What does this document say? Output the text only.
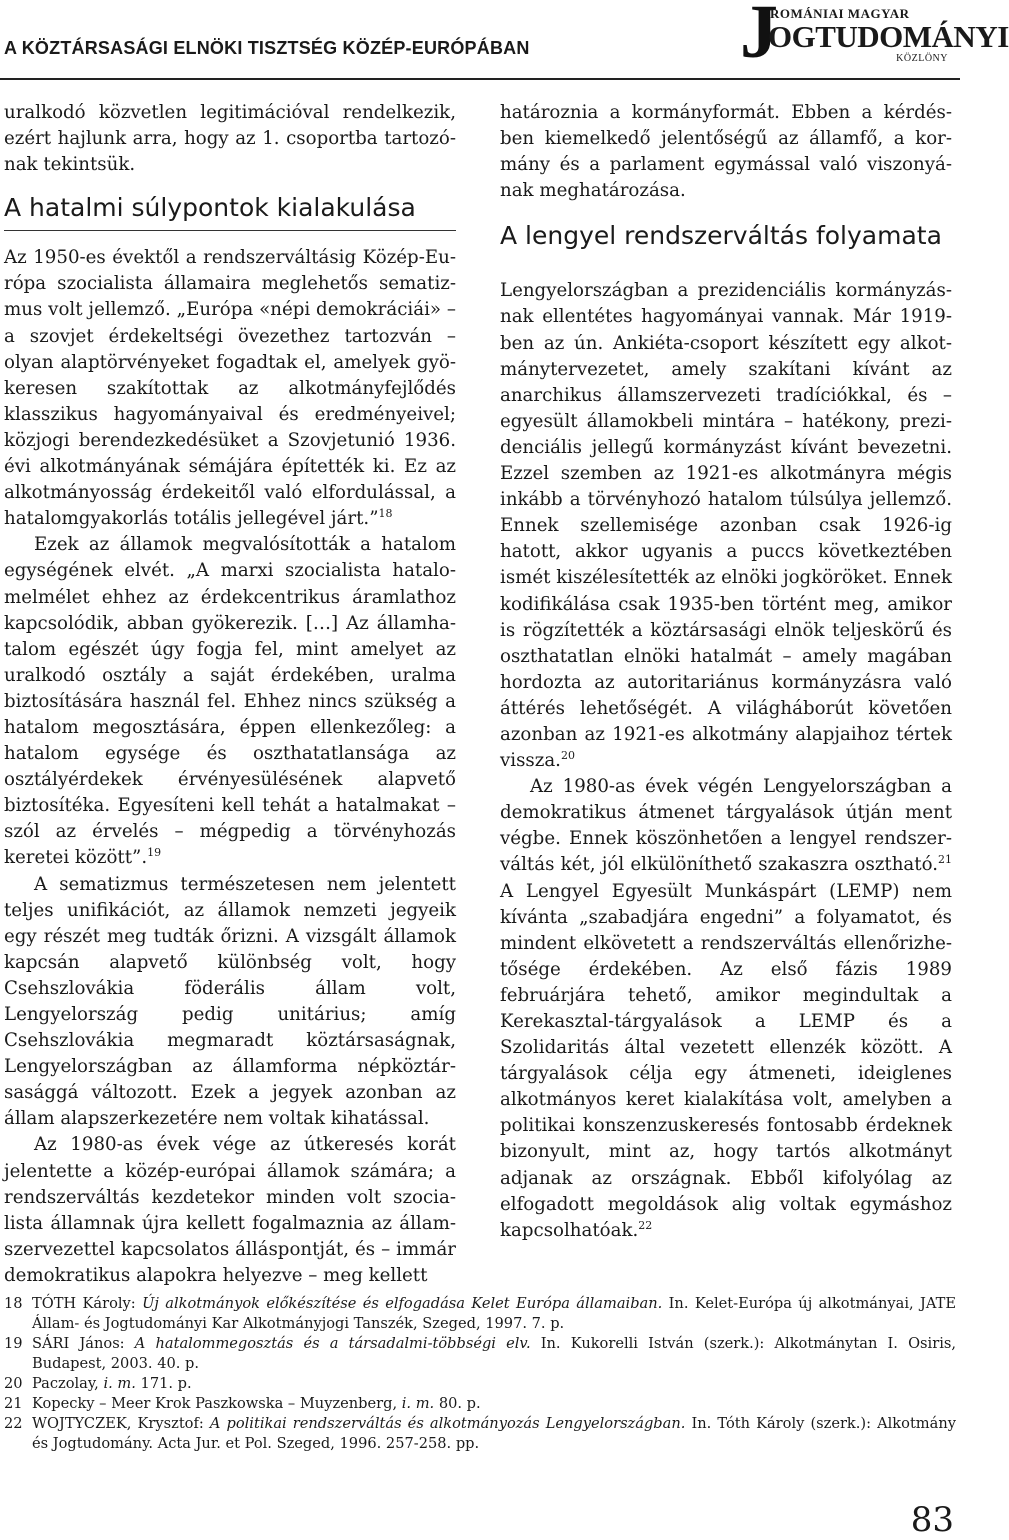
A KÖZTÁRSASÁGI ELNÖKI TISZTSÉG KÖZÉP-EURÓPÁBAN	J
ROMÁNIAI MAGYAR
OGTUDOMÁNYI
KÖZLÖNY

uralkodó közvetlen legitimációval rendelkezik, ezért hajlunk arra, hogy az 1. csoportba tartozónak tekintsük.

A hatalmi súlypontok kialakulása

Az 1950-es évektől a rendszerváltásig Közép-Európa szocialista államaira meglehetős sematizmus volt jellemző. „Európa «népi demokráciái» – a szovjet érdekeltségi övezethez tartozván – olyan alaptörvényeket fogadtak el, amelyek gyökeresen szakítottak az alkotmányfejlődés klasszikus hagyományaival és eredményeivel; közjogi berendezkedésüket a Szovjetunió 1936. évi alkotmányának sémájára építették ki. Ez az alkotmányosság érdekeitől való elfordulással, a hatalomgyakorlás totális jellegével járt.”$^{18}$

Ezek az államok megvalósították a hatalom egységének elvét. „A marxi szocialista hatalomelmélet ehhez az érdekcentrikus áramlathoz kapcsolódik, abban gyökerezik. […] Az államhatalom egészét úgy fogja fel, mint amelyet az uralkodó osztály a saját érdekében, uralma biztosítására használ fel. Ehhez nincs szükség a hatalom megosztására, éppen ellenkezőleg: a hatalom egysége és oszthatatlansága az osztályérdekek érvényesülésének alapvető biztosítéka. Egyesíteni kell tehát a hatalmakat – szól az érvelés – mégpedig a törvényhozás keretei között”.$^{19}$

A sematizmus természetesen nem jelentett teljes unifikációt, az államok nemzeti jegyeik egy részét meg tudták őrizni. A vizsgált államok kapcsán alapvető különbség volt, hogy Csehszlovákia föderális állam volt, Lengyelország pedig unitárius; amíg Csehszlovákia megmaradt köztársaságnak, Lengyelországban az államforma népköztársasággá változott. Ezek a jegyek azonban az állam alapszerkezetére nem voltak kihatással.

Az 1980-as évek vége az útkeresés korát jelentette a közép-európai államok számára; a rendszerváltás kezdetekor minden volt szocialista államnak újra kellett fogalmaznia az államszervezettel kapcsolatos álláspontját, és – immár demokratikus alapokra helyezve – meg kellett

határoznia a kormányformát. Ebben a kérdésben kiemelkedő jelentőségű az államfő, a kormány és a parlament egymással való viszonyának meghatározása.

A lengyel rendszerváltás folyamata

Lengyelországban a prezidenciális kormányzásnak ellentétes hagyományai vannak. Már 1919-ben az ún. Ankiéta-csoport készített egy alkotmánytervezetet, amely szakítani kívánt az anarchikus államszervezeti tradíciókkal, és – egyesült államokbeli mintára – hatékony, prezidenciális jellegű kormányzást kívánt bevezetni. Ezzel szemben az 1921-es alkotmányra mégis inkább a törvényhozó hatalom túlsúlya jellemző. Ennek szellemisége azonban csak 1926-ig hatott, akkor ugyanis a puccs következtében ismét kiszélesítették az elnöki jogköröket. Ennek kodifikálása csak 1935-ben történt meg, amikor is rögzítették a köztársasági elnök teljeskörű és oszthatatlan elnöki hatalmát – amely magában hordozta az autoritariánus kormányzásra való áttérés lehetőségét. A világháborút követően azonban az 1921-es alkotmány alapjaihoz tértek vissza.$^{20}$

Az 1980-as évek végén Lengyelországban a demokratikus átmenet tárgyalások útján ment végbe. Ennek köszönhetően a lengyel rendszerváltás két, jól elkülöníthető szakaszra osztható.$^{21}$ A Lengyel Egyesült Munkáspárt (LEMP) nem kívánta „szabadjára engedni” a folyamatot, és mindent elkövetett a rendszerváltás ellenőrizhetősége érdekében. Az első fázis 1989 februárjára tehető, amikor megindultak a Kerekasztal-tárgyalások a LEMP és a Szolidaritás által vezetett ellenzék között. A tárgyalások célja egy átmeneti, ideiglenes alkotmányos keret kialakítása volt, amelyben a politikai konszenzuskeresés fontosabb érdeknek bizonyult, mint az, hogy tartós alkotmányt adjanak az országnak. Ebből kifolyólag az elfogadott megoldások alig voltak egymáshoz kapcsolhatóak.$^{22}$

18 TÓTH Károly: Új alkotmányok előkészítése és elfogadása Kelet Európa államaiban. In. Kelet-Európa új alkotmányai, JATE Állam- és Jogtudományi Kar Alkotmányjogi Tanszék, Szeged, 1997. 7. p.
19 SÁRI János: A hatalommegosztás és a társadalmi-többségi elv. In. Kukorelli István (szerk.): Alkotmánytan I. Osiris, Budapest, 2003. 40. p.
20 Paczolay, i. m. 171. p.
21 Kopecky – Meer Krok Paszkowska – Muyzenberg, i. m. 80. p.
22 WOJTYCZEK, Krysztof: A politikai rendszerváltás és alkotmányozás Lengyelországban. In. Tóth Károly (szerk.): Alkotmány és Jogtudomány. Acta Jur. et Pol. Szeged, 1996. 257-258. pp.
83
